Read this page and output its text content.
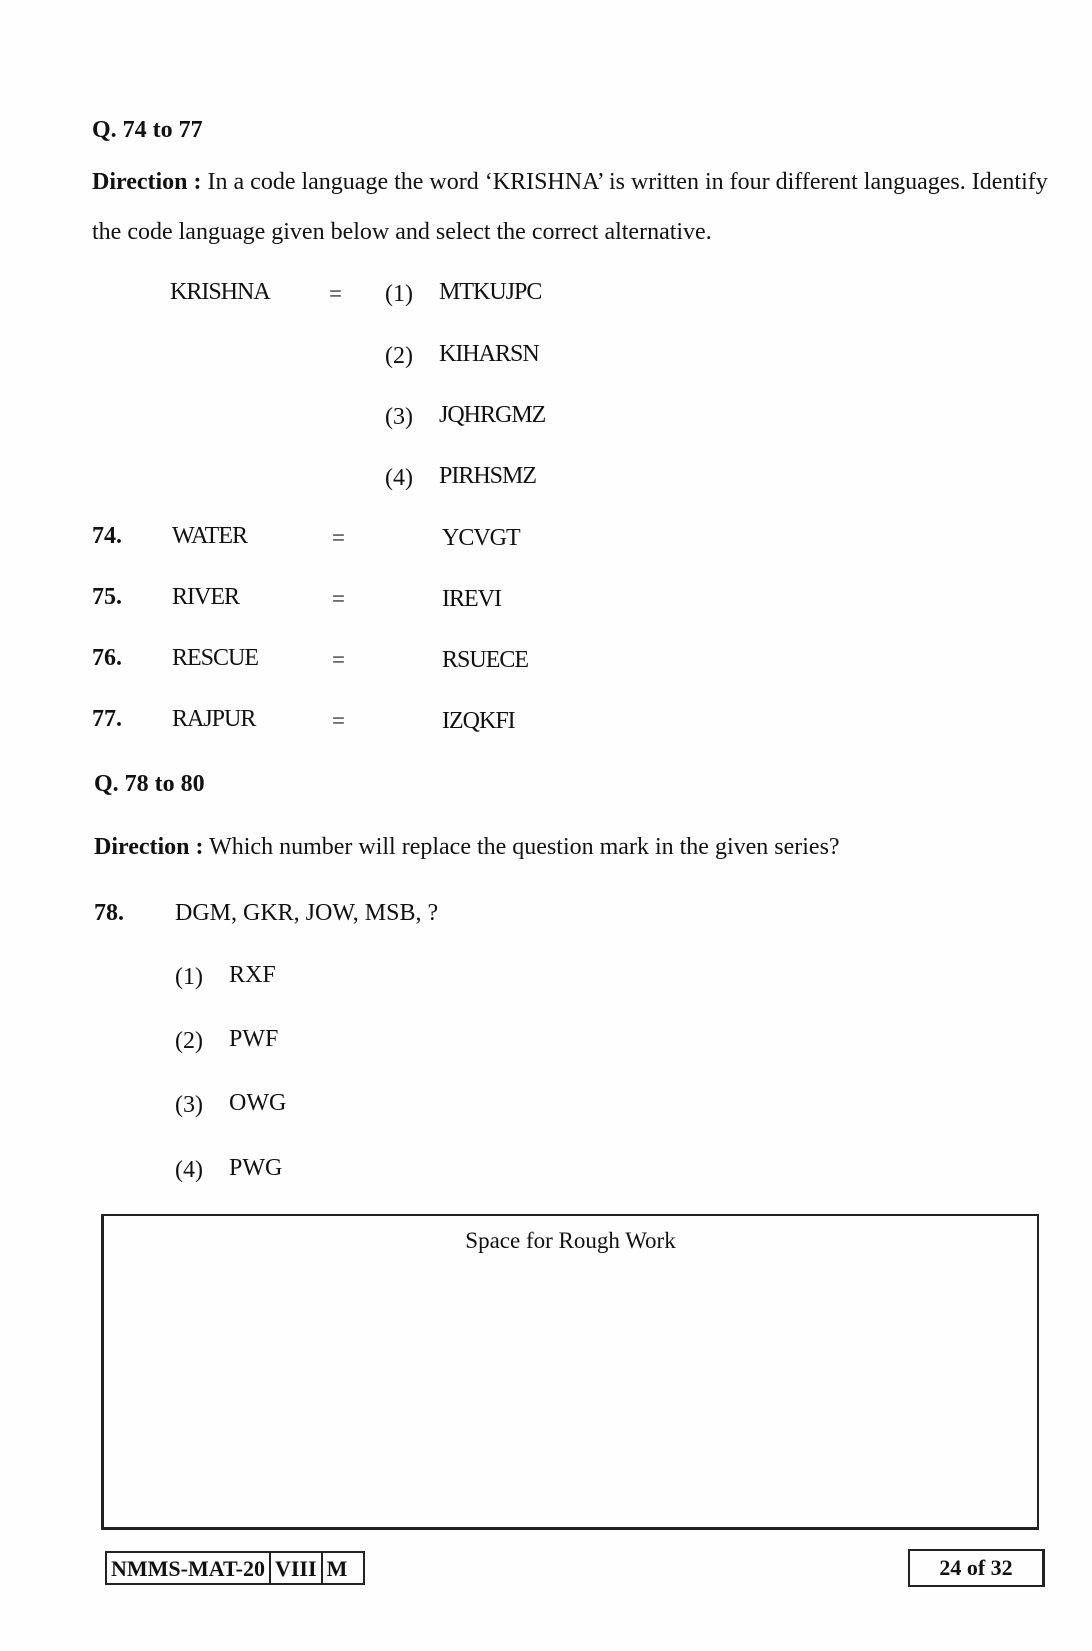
Q. 74 to 77
Direction : In a code language the word ‘KRISHNA’ is written in four different languages. Identify
the code language given below and select the correct alternative.
KRISHNA	= (1) MTKUJPC
(2) KIHARSN
(3) JQHRGMZ
(4) PIRHSMZ
74. WATER	=	YCVGT
75. RIVER	=	IREVI
76. RESCUE	=	RSUECE
77. RAJPUR	=	IZQKFI
Q. 78 to 80
Direction : Which number will replace the question mark in the given series?
78. DGM, GKR, JOW, MSB, ?
(1) RXF
(2) PWF
(3) OWG
(4) PWG
Space for Rough Work
NMMS-MAT-20 VIII M	24 of 32
